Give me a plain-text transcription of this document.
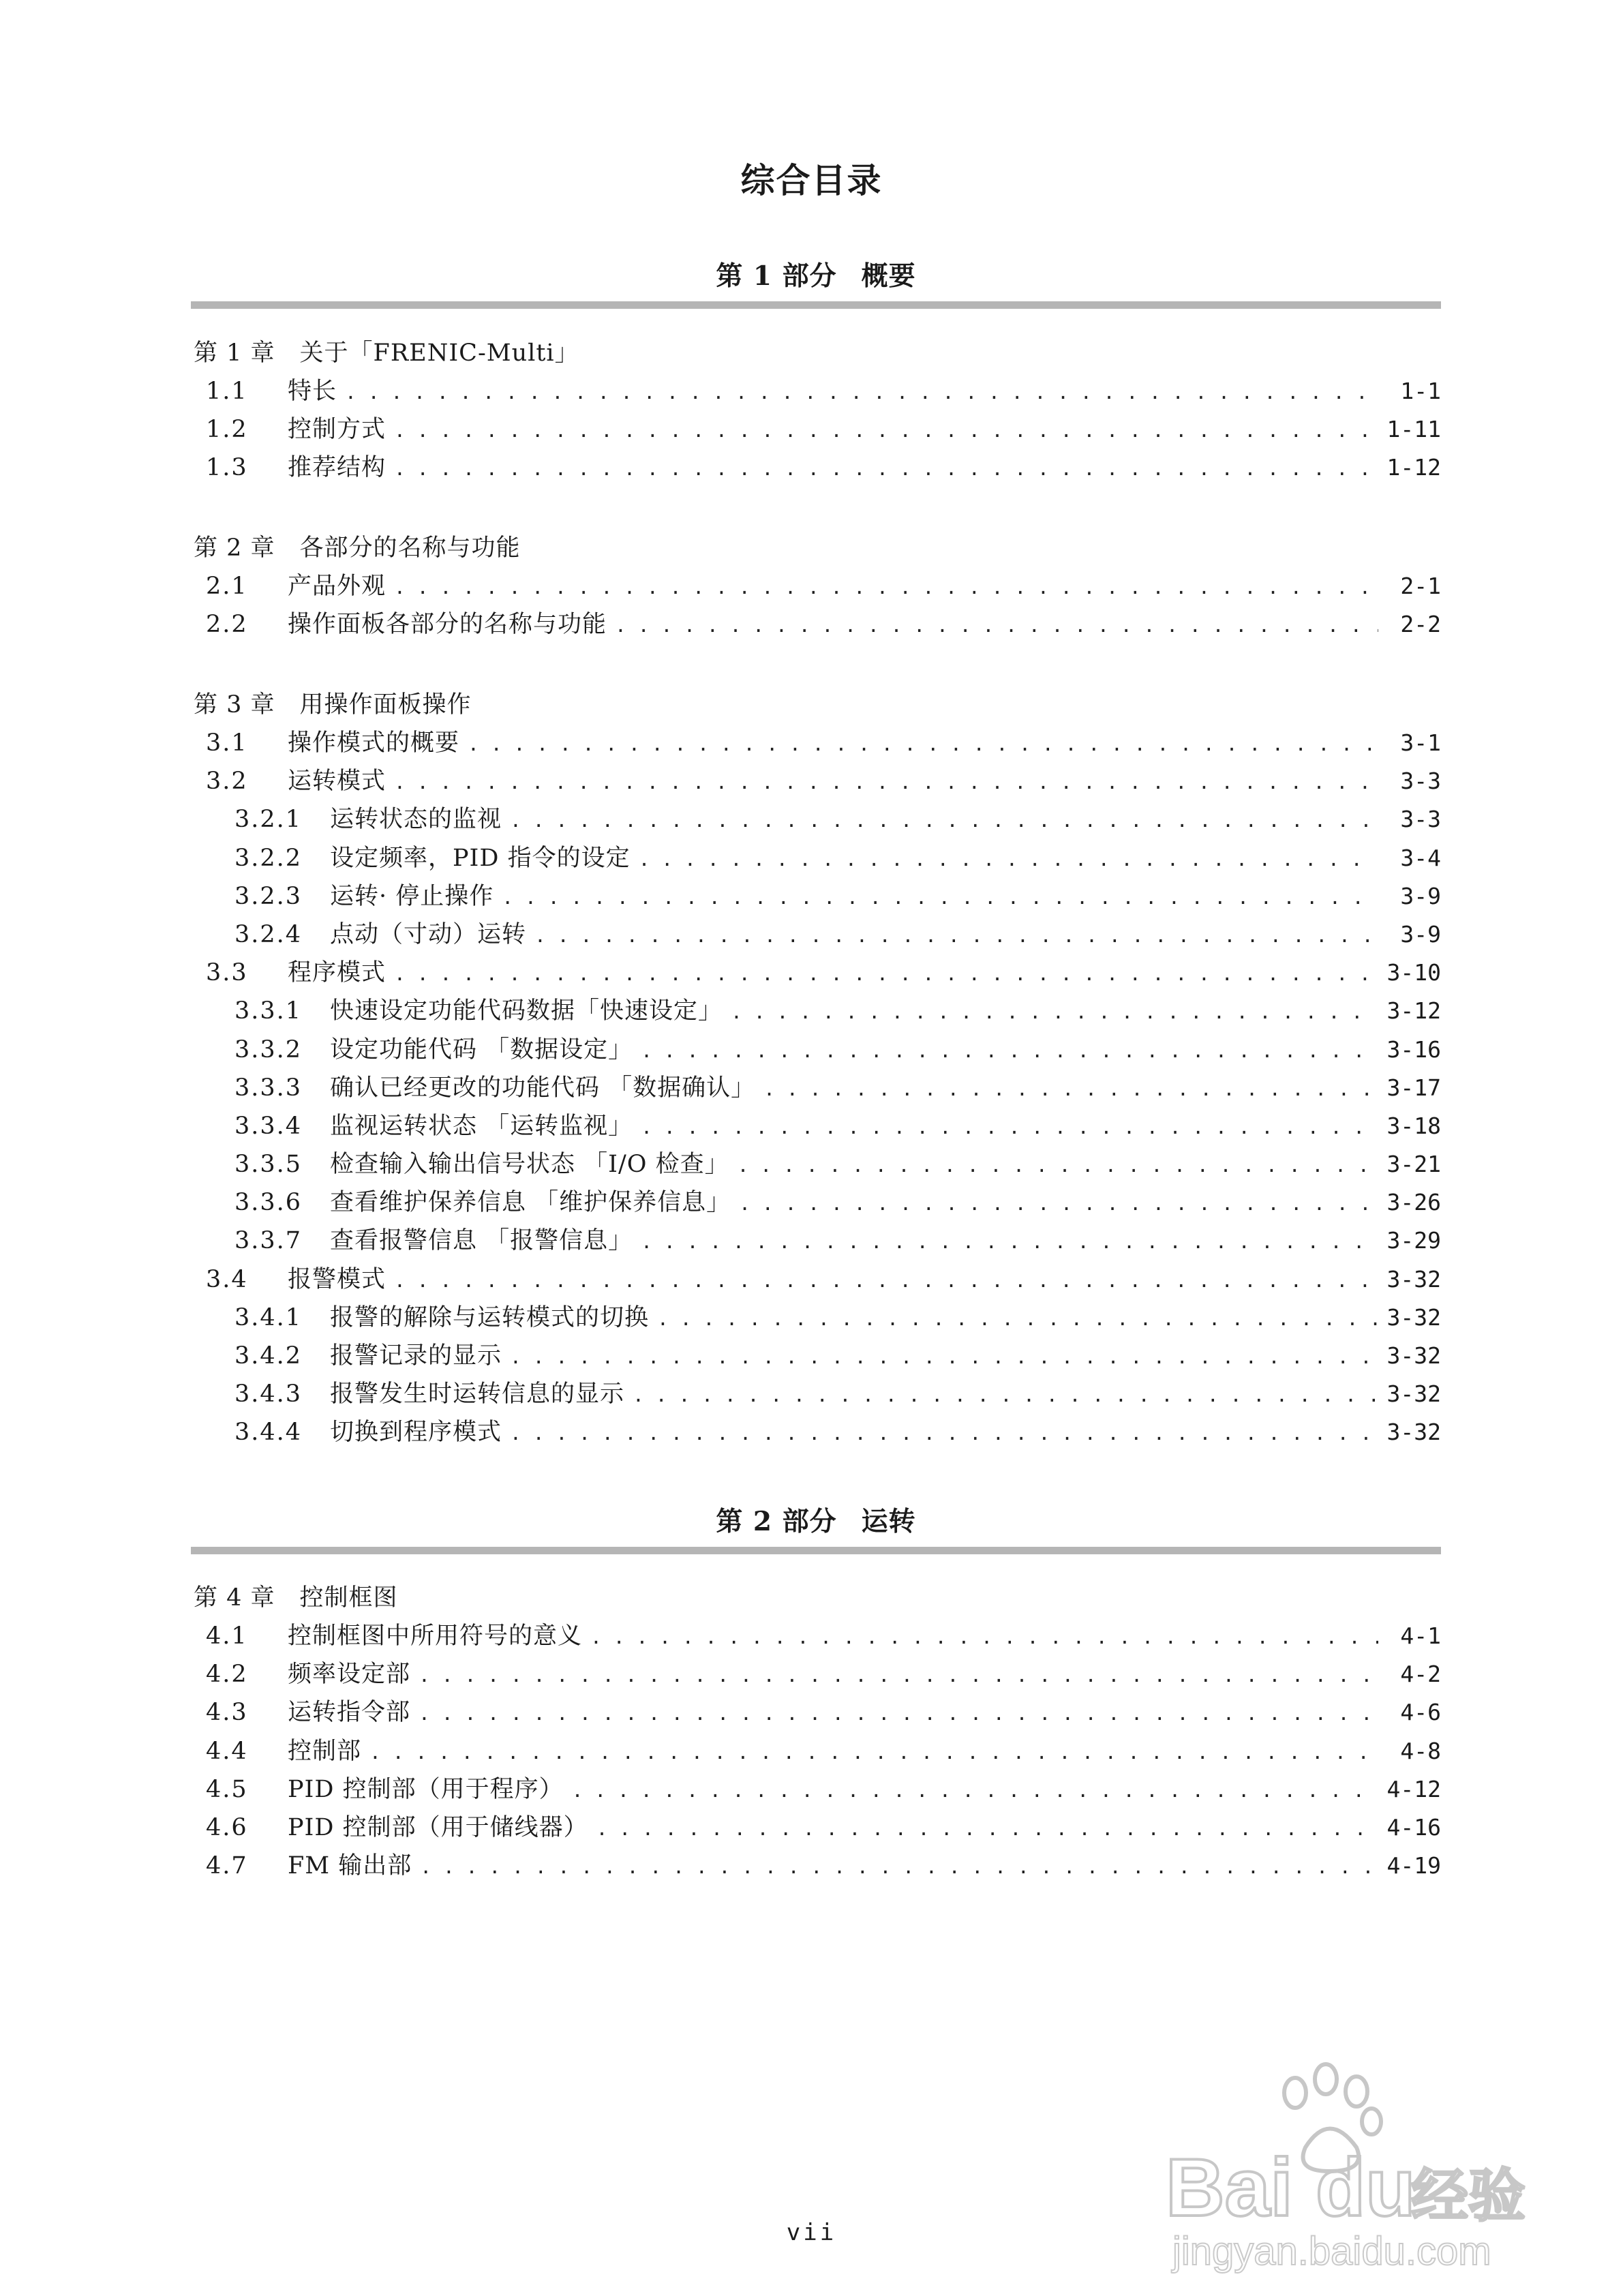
综合目录
第 1 部分 概要
第 1 章 关于「FRENIC-Multi」
1.1	特长 . . .	1-1
1.2	控制方式 . . .	1-11
1.3	推荐结构 . . .	1-12
第 2 章 各部分的名称与功能
2.1	产品外观 . . .	2-1
2.2	操作面板各部分的名称与功能 . . .	2-2
第 3 章 用操作面板操作
3.1	操作模式的概要 . . .	3-1
3.2	运转模式 . . .	3-3
3.2.1	运转状态的监视 . . .	3-3
3.2.2	设定频率，PID 指令的设定 . . .	3-4
3.2.3	运转· 停止操作 . . .	3-9
3.2.4	点动（寸动）运转 . . .	3-9
3.3	程序模式 . . .	3-10
3.3.1	快速设定功能代码数据「快速设定」 . . .	3-12
3.3.2	设定功能代码 「数据设定」 . . .	3-16
3.3.3	确认已经更改的功能代码 「数据确认」 . . .	3-17
3.3.4	监视运转状态 「运转监视」 . . .	3-18
3.3.5	检查输入输出信号状态 「I/O 检查」 . . .	3-21
3.3.6	查看维护保养信息 「维护保养信息」 . . .	3-26
3.3.7	查看报警信息 「报警信息」 . . .	3-29
3.4	报警模式 . . .	3-32
3.4.1	报警的解除与运转模式的切换 . . .	3-32
3.4.2	报警记录的显示 . . .	3-32
3.4.3	报警发生时运转信息的显示 . . .	3-32
3.4.4	切换到程序模式 . . .	3-32
第 2 部分 运转
第 4 章 控制框图
4.1	控制框图中所用符号的意义 . . .	4-1
4.2	频率设定部 . . .	4-2
4.3	运转指令部 . . .	4-6
4.4	控制部 . . .	4-8
4.5	PID 控制部（用于程序） . . .	4-12
4.6	PID 控制部（用于储线器） . . .	4-16
4.7	FM 输出部 . . .	4-19
Bai du
经验
jingyan.baidu.com
vii
